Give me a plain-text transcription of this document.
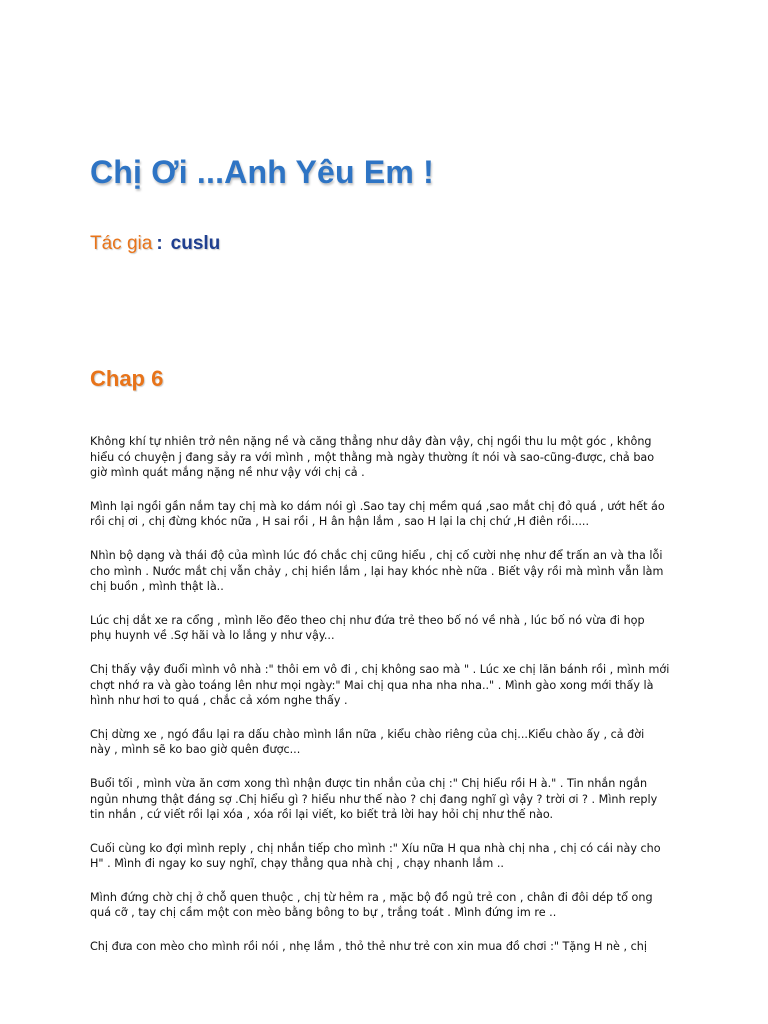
Chị Ơi ...Anh Yêu Em !
Tác gia : cuslu
Chap 6

Không khí tự nhiên trở nên nặng nề và căng thẳng như dây đàn vậy, chị ngồi thu lu một góc , không
hiểu có chuyện j đang sảy ra với mình , một thằng mà ngày thường ít nói và sao-cũng-được, chả bao
giờ mình quát mắng nặng nề như vậy với chị cả .

Mình lại ngồi gần nắm tay chị mà ko dám nói gì .Sao tay chị mềm quá ,sao mắt chị đỏ quá , ướt hết áo
rồi chị ơi , chị đừng khóc nữa , H sai rồi , H ân hận lắm , sao H lại la chị chứ ,H điên rồi.....

Nhìn bộ dạng và thái độ của mình lúc đó chắc chị cũng hiểu , chị cố cười nhẹ như để trấn an và tha lỗi
cho mình . Nước mắt chị vẫn chảy , chị hiền lắm , lại hay khóc nhè nữa . Biết vậy rồi mà mình vẫn làm
chị buồn , mình thật là..

Lúc chị dắt xe ra cổng , mình lẽo đẽo theo chị như đứa trẻ theo bố nó về nhà , lúc bố nó vừa đi họp
phụ huynh về .Sợ hãi và lo lắng y như vậy...

Chị thấy vậy đuổi mình vô nhà :" thôi em vô đi , chị không sao mà " . Lúc xe chị lăn bánh rồi , mình mới
chợt nhớ ra và gào toáng lên như mọi ngày:" Mai chị qua nha nha nha.." . Mình gào xong mới thấy là
hình như hơi to quá , chắc cả xóm nghe thấy .

Chị dừng xe , ngó đầu lại ra dấu chào mình lần nữa , kiểu chào riêng của chị...Kiểu chào ấy , cả đời
này , mình sẽ ko bao giờ quên được...

Buổi tối , mình vừa ăn cơm xong thì nhận được tin nhắn của chị :" Chị hiểu rồi H à." . Tin nhắn ngắn
ngủn nhưng thật đáng sợ .Chị hiểu gì ? hiểu như thế nào ? chị đang nghĩ gì vậy ? trời ơi ? . Mình reply
tin nhắn , cứ viết rồi lại xóa , xóa rồi lại viết, ko biết trả lời hay hỏi chị như thế nào.

Cuối cùng ko đợi mình reply , chị nhắn tiếp cho mình :" Xíu nữa H qua nhà chị nha , chị có cái này cho
H" . Mình đi ngay ko suy nghĩ, chạy thẳng qua nhà chị , chạy nhanh lắm ..

Mình đứng chờ chị ở chỗ quen thuộc , chị từ hẻm ra , mặc bộ đồ ngủ trẻ con , chân đi đôi dép tổ ong
quá cỡ , tay chị cầm một con mèo bằng bông to bự , trắng toát . Mình đứng im re ..

Chị đưa con mèo cho mình rồi nói , nhẹ lắm , thỏ thẻ như trẻ con xin mua đồ chơi :" Tặng H nè , chị
